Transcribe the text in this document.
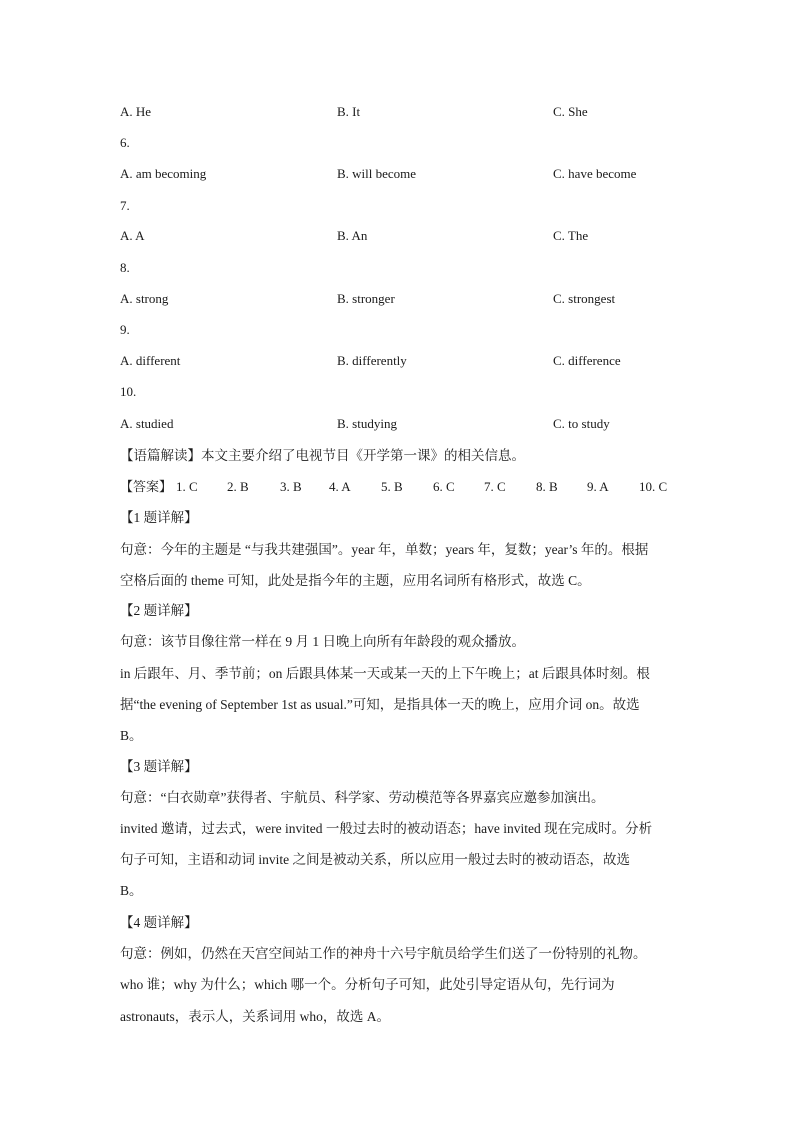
A. He	B. It	C. She
6.
A. am becoming	B. will become	C. have become
7.
A. A	B. An	C. The
8.
A. strong	B. stronger	C. strongest
9.
A. different	B. differently	C. difference
10.
A. studied	B. studying	C. to study
【语篇解读】本文主要介绍了电视节目《开学第一课》的相关信息。
【答案】 1. C 2. B 3. B 4. A 5. B 6. C 7. C 8. B 9. A 10. C
【1 题详解】
句意：今年的主题是 “与我共建强国”。year 年，单数；years 年，复数；year’s 年的。根据
空格后面的 theme 可知，此处是指今年的主题，应用名词所有格形式，故选 C。
【2 题详解】
句意：该节目像往常一样在 9 月 1 日晚上向所有年龄段的观众播放。
in 后跟年、月、季节前；on 后跟具体某一天或某一天的上下午晚上；at 后跟具体时刻。根
据“the evening of September 1st as usual.”可知，是指具体一天的晚上，应用介词 on。故选
B。
【3 题详解】
句意：“白衣勋章”获得者、宇航员、科学家、劳动模范等各界嘉宾应邀参加演出。
invited 邀请，过去式，were invited 一般过去时的被动语态；have invited 现在完成时。分析
句子可知，主语和动词 invite 之间是被动关系，所以应用一般过去时的被动语态，故选
B。
【4 题详解】
句意：例如，仍然在天宫空间站工作的神舟十六号宇航员给学生们送了一份特别的礼物。
who 谁；why 为什么；which 哪一个。分析句子可知，此处引导定语从句，先行词为
astronauts，表示人，关系词用 who，故选 A。
